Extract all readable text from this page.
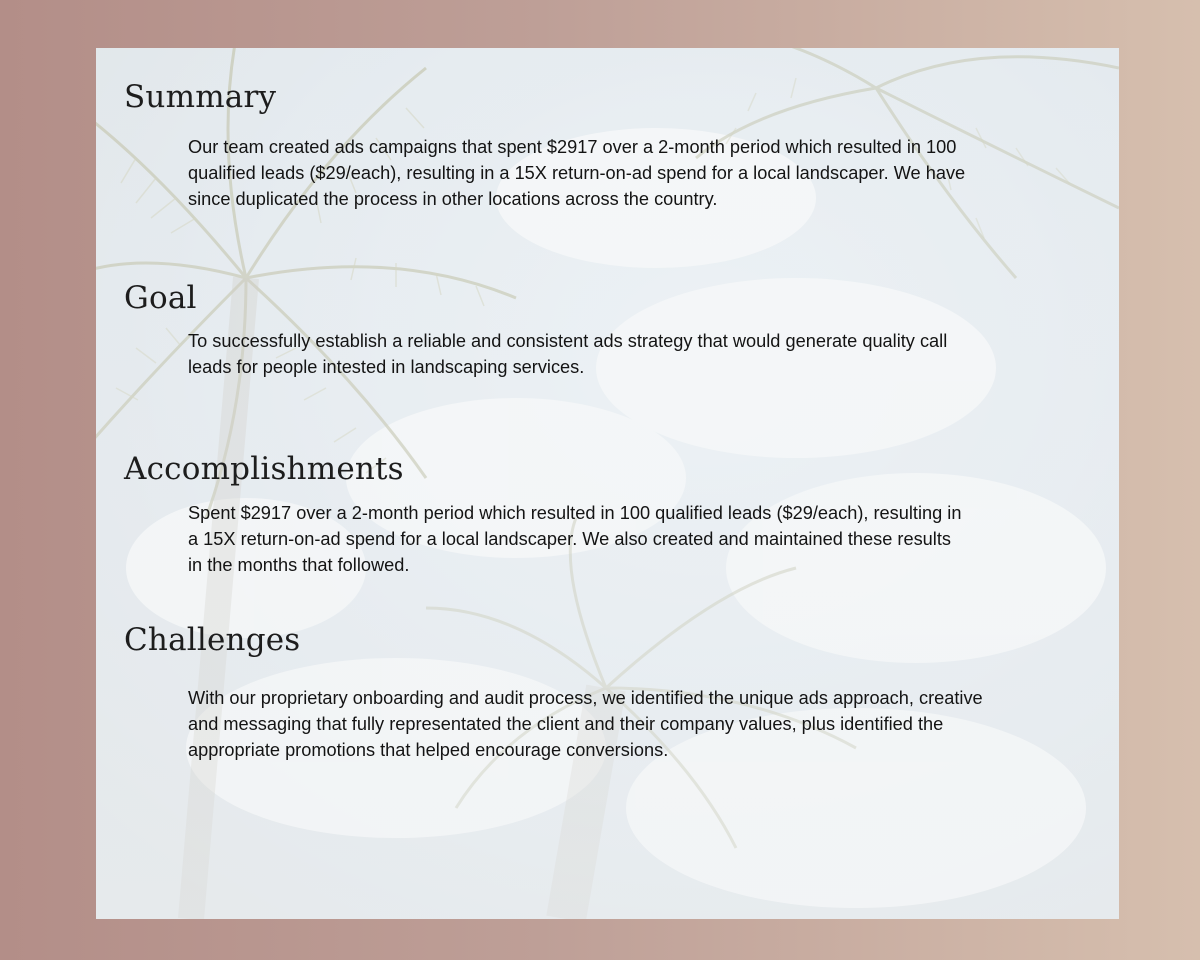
Summary

Our team created ads campaigns that spent $2917 over a 2-month period which resulted in 100
qualified leads ($29/each), resulting in a 15X return-on-ad spend for a local landscaper. We have
since duplicated the process in other locations across the country.

Goal

To successfully establish a reliable and consistent ads strategy that would generate quality call
leads for people intested in landscaping services.

Accomplishments

Spent $2917 over a 2-month period which resulted in 100 qualified leads ($29/each), resulting in
a 15X return-on-ad spend for a local landscaper. We also created and maintained these results
in the months that followed.

Challenges

With our proprietary onboarding and audit process, we identified the unique ads approach, creative
and messaging that fully representated the client and their company values, plus identified the
appropriate promotions that helped encourage conversions.
